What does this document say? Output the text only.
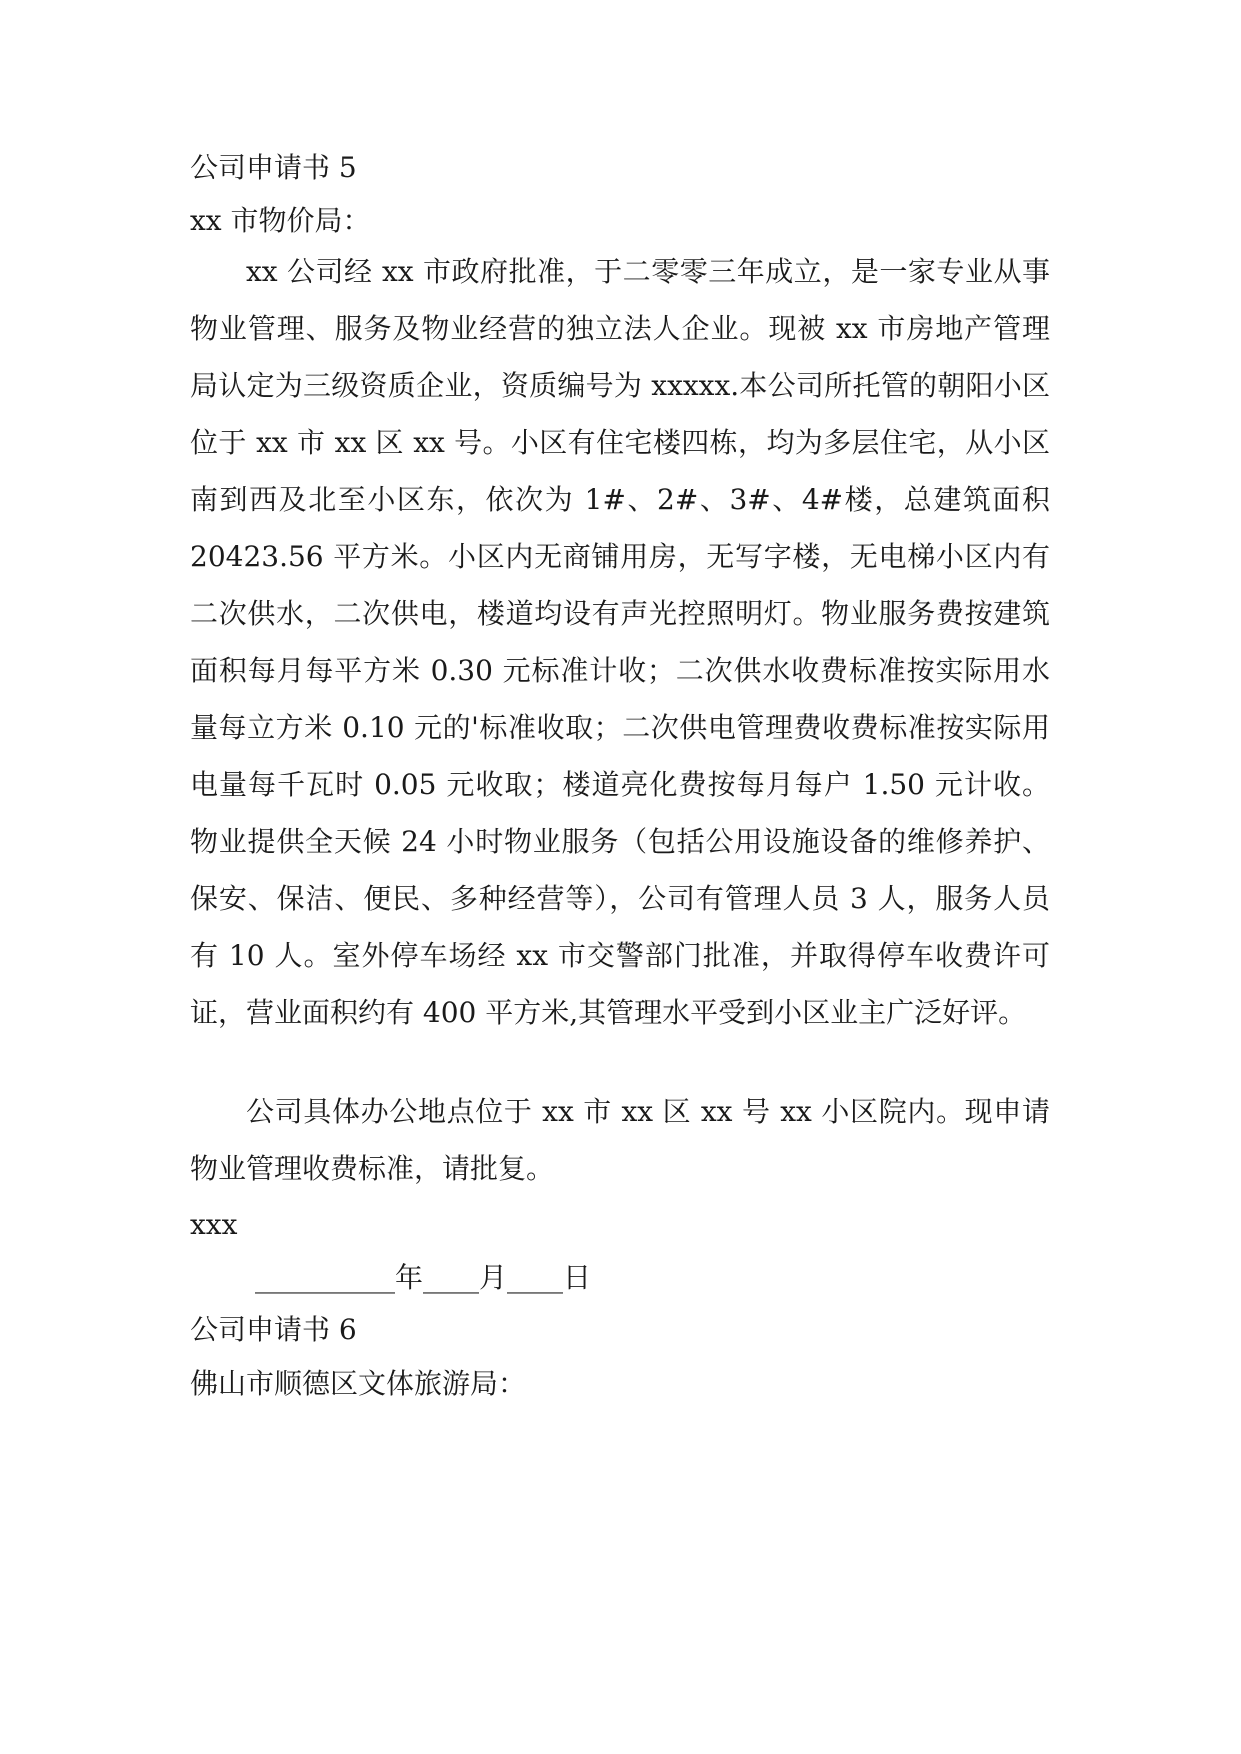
公司申请书 5
xx 市物价局：
xx 公司经 xx 市政府批准，于二零零三年成立，是一家专业从事物业管理、服务及物业经营的独立法人企业。现被 xx 市房地产管理局认定为三级资质企业，资质编号为 xxxxx.本公司所托管的朝阳小区位于 xx 市 xx 区 xx 号。小区有住宅楼四栋，均为多层住宅，从小区南到西及北至小区东，依次为 1#、2#、3#、4#楼，总建筑面积 20423.56 平方米。小区内无商铺用房，无写字楼，无电梯小区内有二次供水，二次供电，楼道均设有声光控照明灯。物业服务费按建筑面积每月每平方米 0.30 元标准计收；二次供水收费标准按实际用水量每立方米 0.10 元的'标准收取；二次供电管理费收费标准按实际用电量每千瓦时 0.05 元收取；楼道亮化费按每月每户 1.50 元计收。物业提供全天候 24 小时物业服务（包括公用设施设备的维修养护、保安、保洁、便民、多种经营等），公司有管理人员 3 人，服务人员有 10 人。室外停车场经 xx 市交警部门批准，并取得停车收费许可证，营业面积约有 400 平方米,其管理水平受到小区业主广泛好评。
公司具体办公地点位于 xx 市 xx 区 xx 号 xx 小区院内。现申请物业管理收费标准，请批复。
xxx
__________年____月____日
公司申请书 6
佛山市顺德区文体旅游局：
